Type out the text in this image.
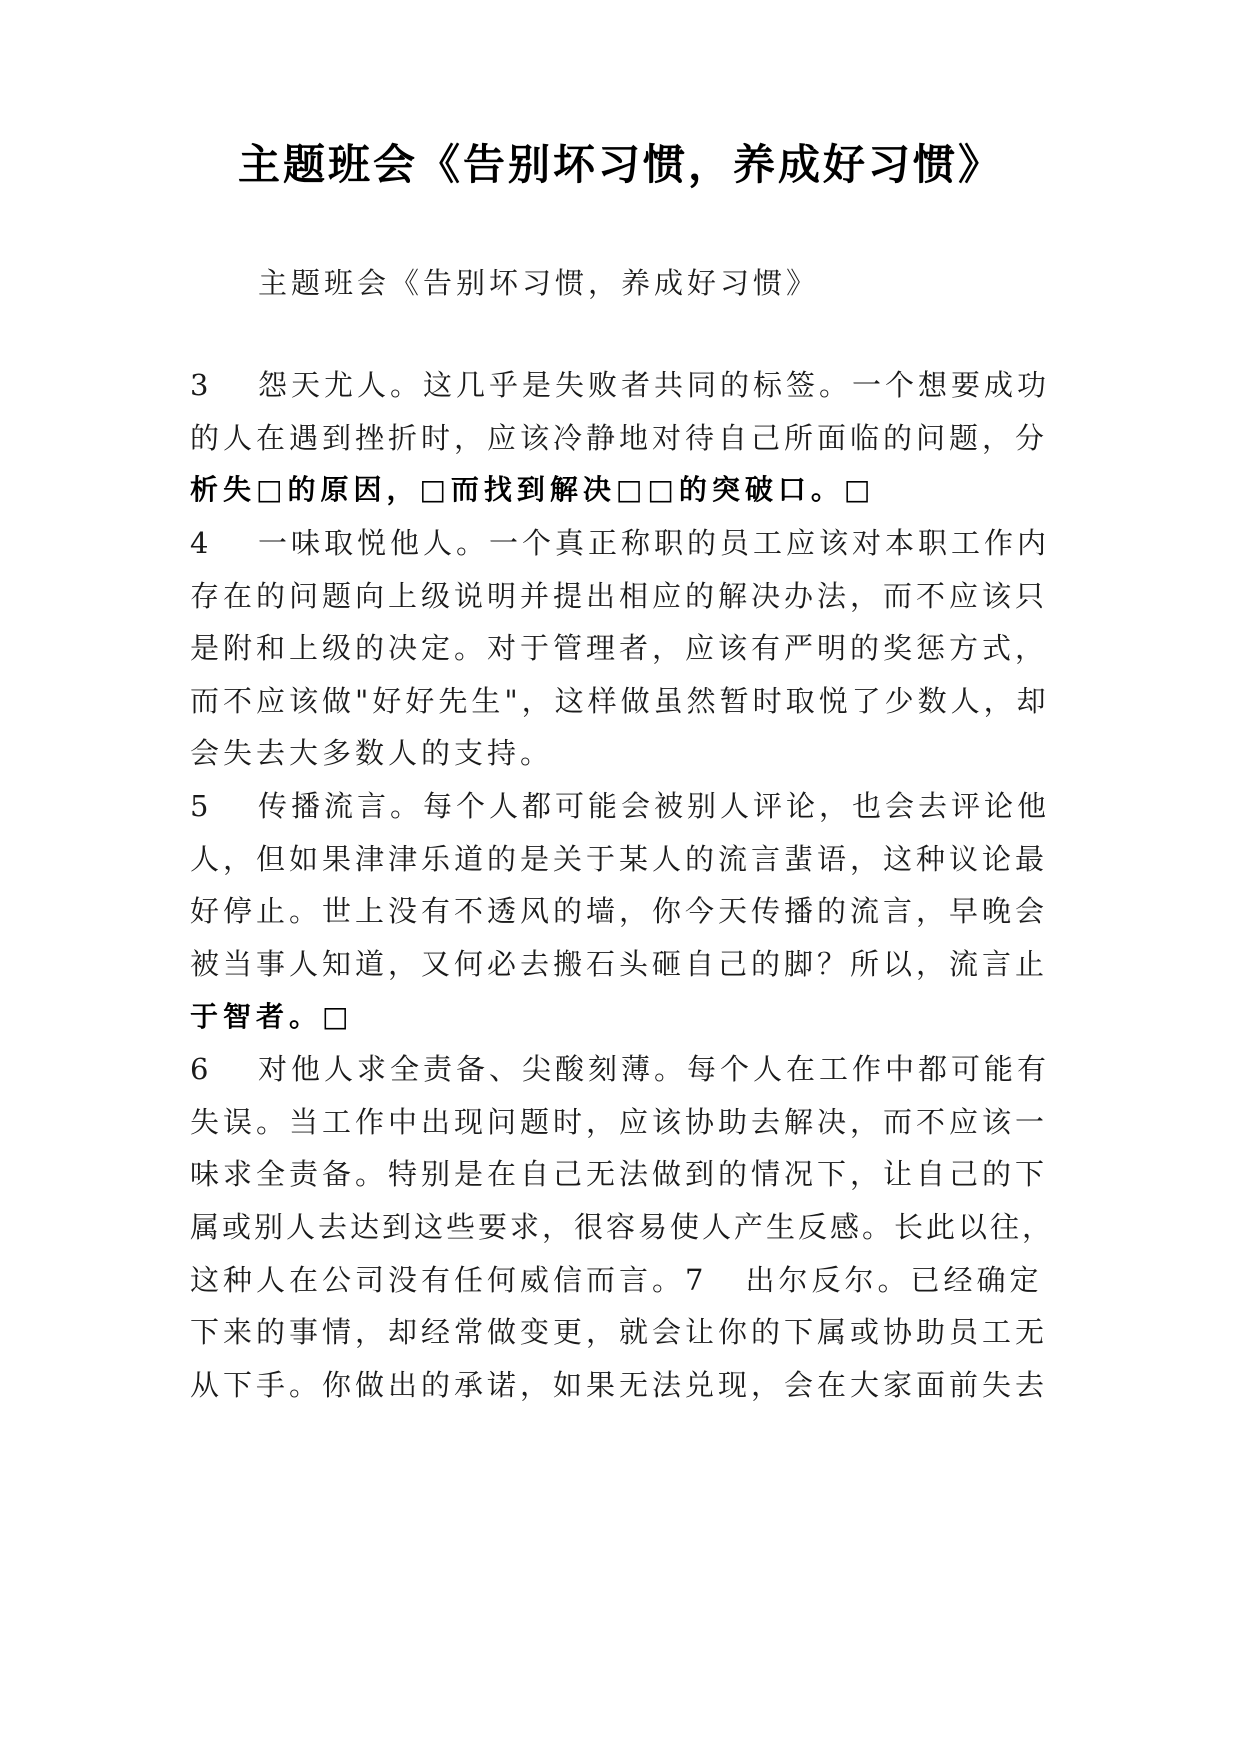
主题班会《告别坏习惯，养成好习惯》

主题班会《告别坏习惯，养成好习惯》

3 怨天尤人。这几乎是失败者共同的标签。一个想要成功
的人在遇到挫折时，应该冷静地对待自己所面临的问题，分
析失□的原因，□而找到解决□□的突破口。□
4 一味取悦他人。一个真正称职的员工应该对本职工作内
存在的问题向上级说明并提出相应的解决办法，而不应该只
是附和上级的决定。对于管理者，应该有严明的奖惩方式，
而不应该做"好好先生"，这样做虽然暂时取悦了少数人，却
会失去大多数人的支持。
5 传播流言。每个人都可能会被别人评论，也会去评论他
人，但如果津津乐道的是关于某人的流言蜚语，这种议论最
好停止。世上没有不透风的墙，你今天传播的流言，早晚会
被当事人知道，又何必去搬石头砸自己的脚？所以，流言止
于智者。□
6 对他人求全责备、尖酸刻薄。每个人在工作中都可能有
失误。当工作中出现问题时，应该协助去解决，而不应该一
味求全责备。特别是在自己无法做到的情况下，让自己的下
属或别人去达到这些要求，很容易使人产生反感。长此以往，
这种人在公司没有任何威信而言。7 出尔反尔。已经确定
下来的事情，却经常做变更，就会让你的下属或协助员工无
从下手。你做出的承诺，如果无法兑现，会在大家面前失去
